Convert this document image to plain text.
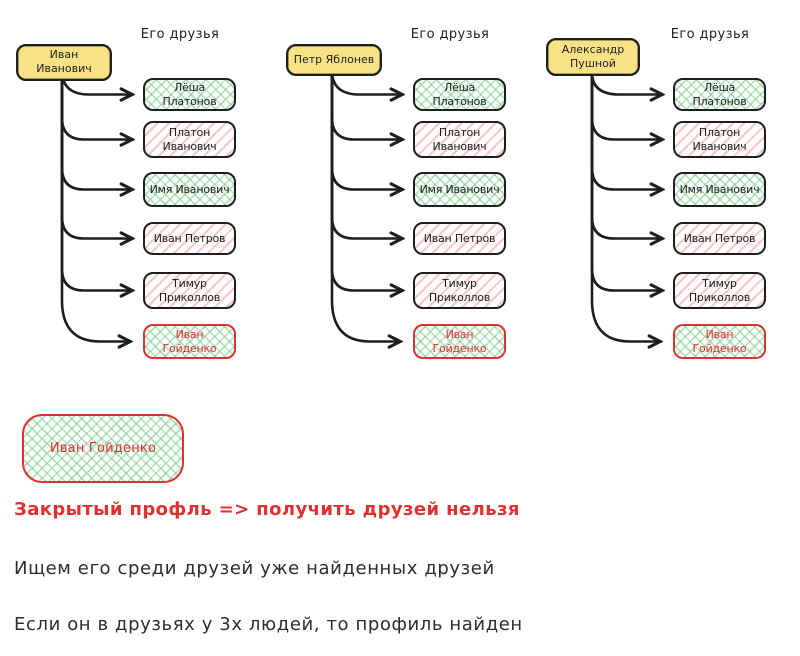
Его друзья
Иван Иванович
Лёша Платонов
Платон Иванович
Имя Иванович
Иван Петров
Тимур Приколлов
Иван Гойденко
Его друзья
Петр Яблонев
Лёша Платонов
Платон Иванович
Имя Иванович
Иван Петров
Тимур Приколлов
Иван Гойденко
Его друзья
Александр Пушной
Лёша Платонов
Платон Иванович
Имя Иванович
Иван Петров
Тимур Приколлов
Иван Гойденко
Иван Гойденко

Закрытый профль => получить друзей нельзя

Ищем его среди друзей уже найденных друзей

Если он в друзьях у 3х людей, то профиль найден
